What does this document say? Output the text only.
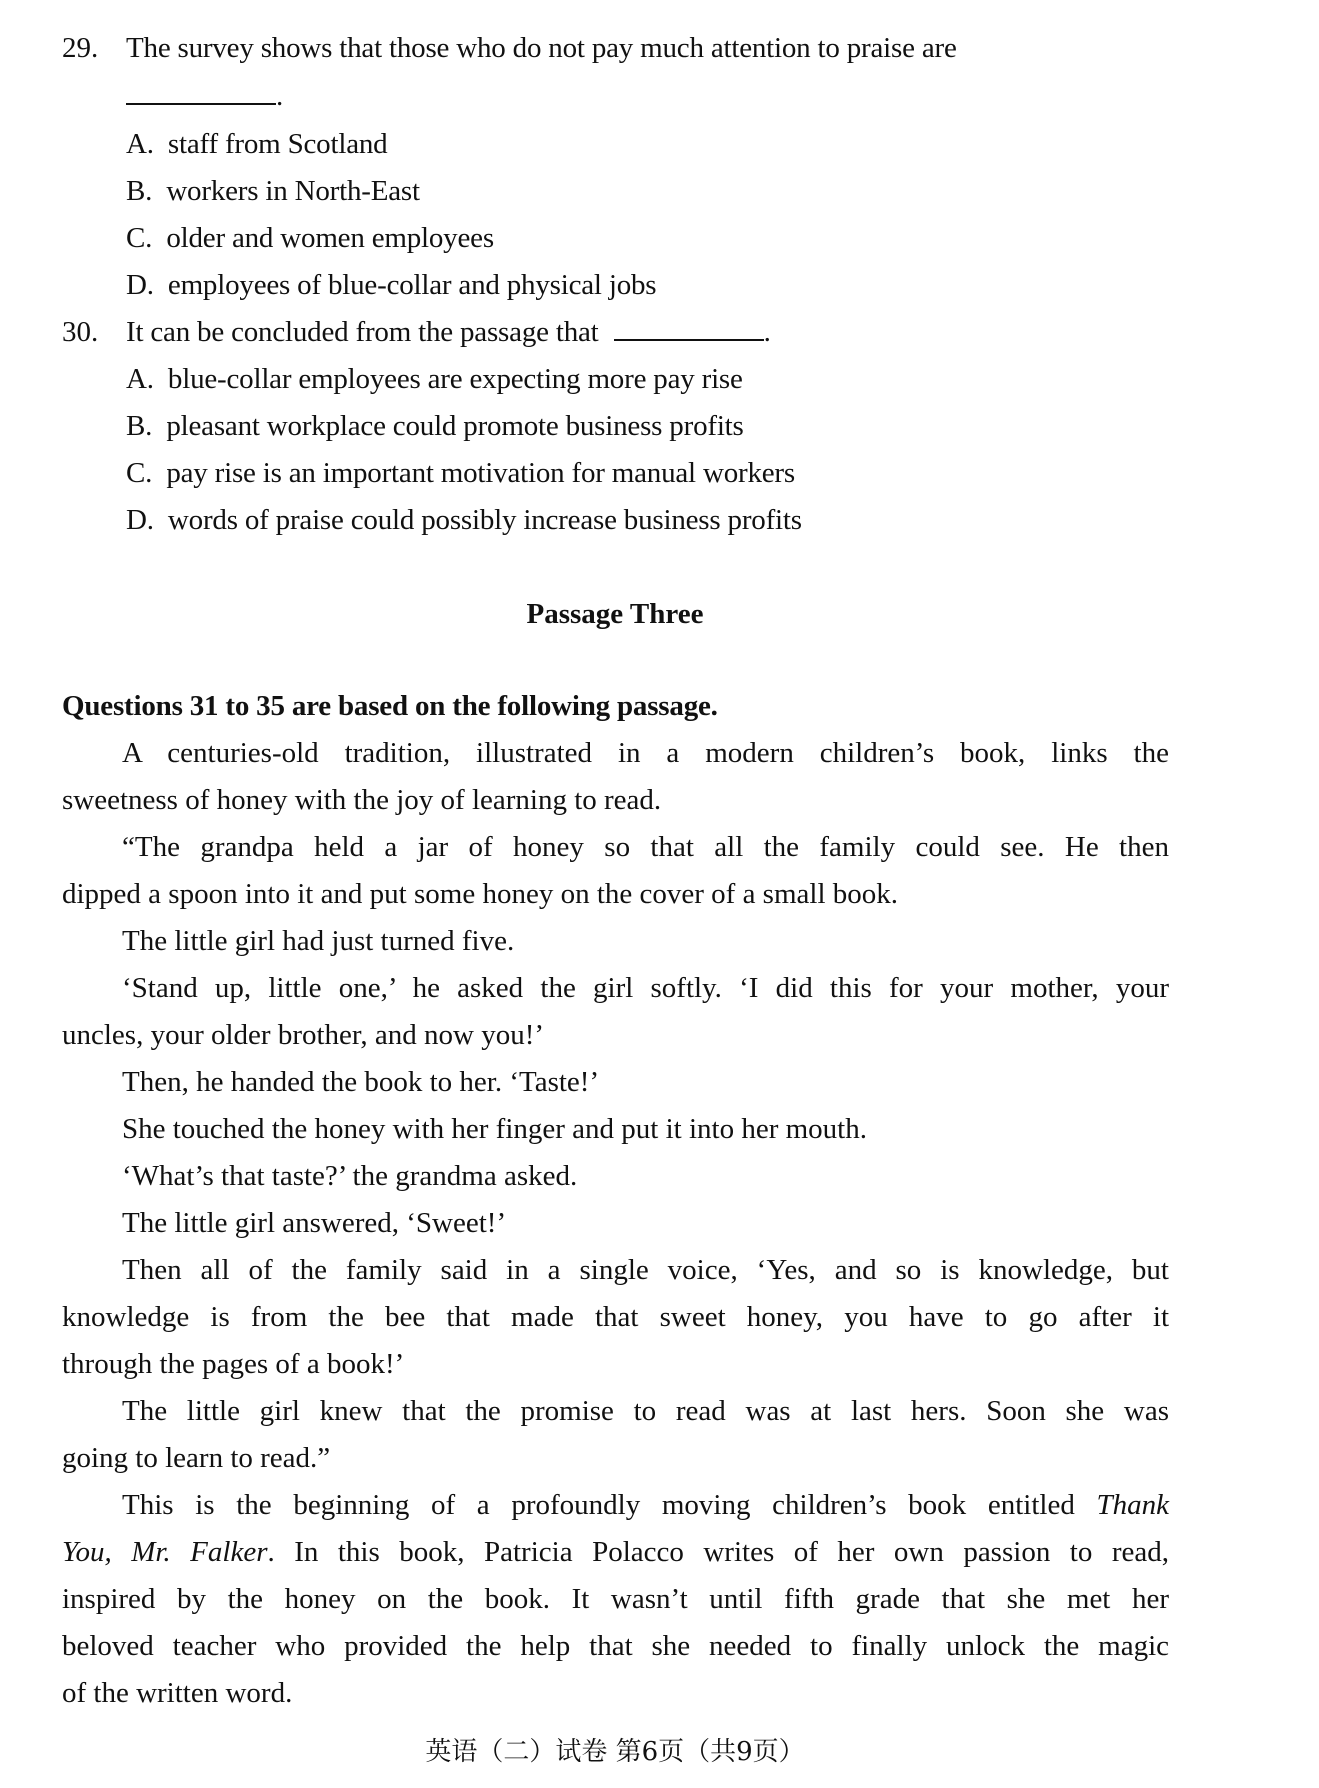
29. The survey shows that those who do not pay much attention to praise are
.
A. staff from Scotland
B. workers in North-East
C. older and women employees
D. employees of blue-collar and physical jobs
30. It can be concluded from the passage that	.
A. blue-collar employees are expecting more pay rise
B. pleasant workplace could promote business profits
C. pay rise is an important motivation for manual workers
D. words of praise could possibly increase business profits
Passage Three
Questions 31 to 35 are based on the following passage.
A centuries-old tradition, illustrated in a modern children’s book, links the
sweetness of honey with the joy of learning to read.
“The grandpa held a jar of honey so that all the family could see. He then
dipped a spoon into it and put some honey on the cover of a small book.
The little girl had just turned five.
‘Stand up, little one,’ he asked the girl softly. ‘I did this for your mother, your
uncles, your older brother, and now you!’
Then, he handed the book to her. ‘Taste!’
She touched the honey with her finger and put it into her mouth.
‘What’s that taste?’ the grandma asked.
The little girl answered, ‘Sweet!’
Then all of the family said in a single voice, ‘Yes, and so is knowledge, but
knowledge is from the bee that made that sweet honey, you have to go after it
through the pages of a book!’
The little girl knew that the promise to read was at last hers. Soon she was
going to learn to read.”
This is the beginning of a profoundly moving children’s book entitled Thank
You, Mr. Falker. In this book, Patricia Polacco writes of her own passion to read,
inspired by the honey on the book. It wasn’t until fifth grade that she met her
beloved teacher who provided the help that she needed to finally unlock the magic
of the written word.
英语（二）试卷 第6页（共9页）
